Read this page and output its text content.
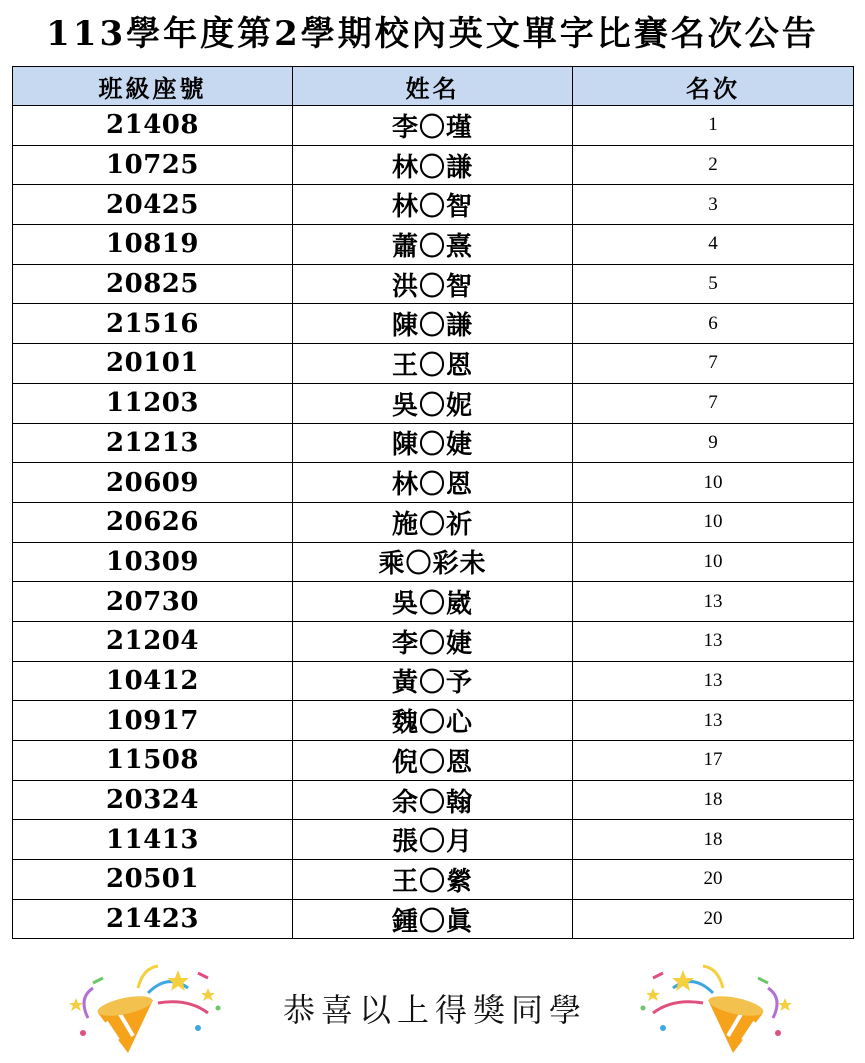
113學年度第2學期校內英文單字比賽名次公告
班級座號	姓名	名次
21408	李〇瑾	1
10725	林〇謙	2
20425	林〇智	3
10819	蕭〇熹	4
20825	洪〇智	5
21516	陳〇謙	6
20101	王〇恩	7
11203	吳〇妮	7
21213	陳〇婕	9
20609	林〇恩	10
20626	施〇祈	10
10309	乘〇彩未	10
20730	吳〇崴	13
21204	李〇婕	13
10412	黃〇予	13
10917	魏〇心	13
11508	倪〇恩	17
20324	余〇翰	18
11413	張〇月	18
20501	王〇縈	20
21423	鍾〇眞	20
恭喜以上得獎同學
